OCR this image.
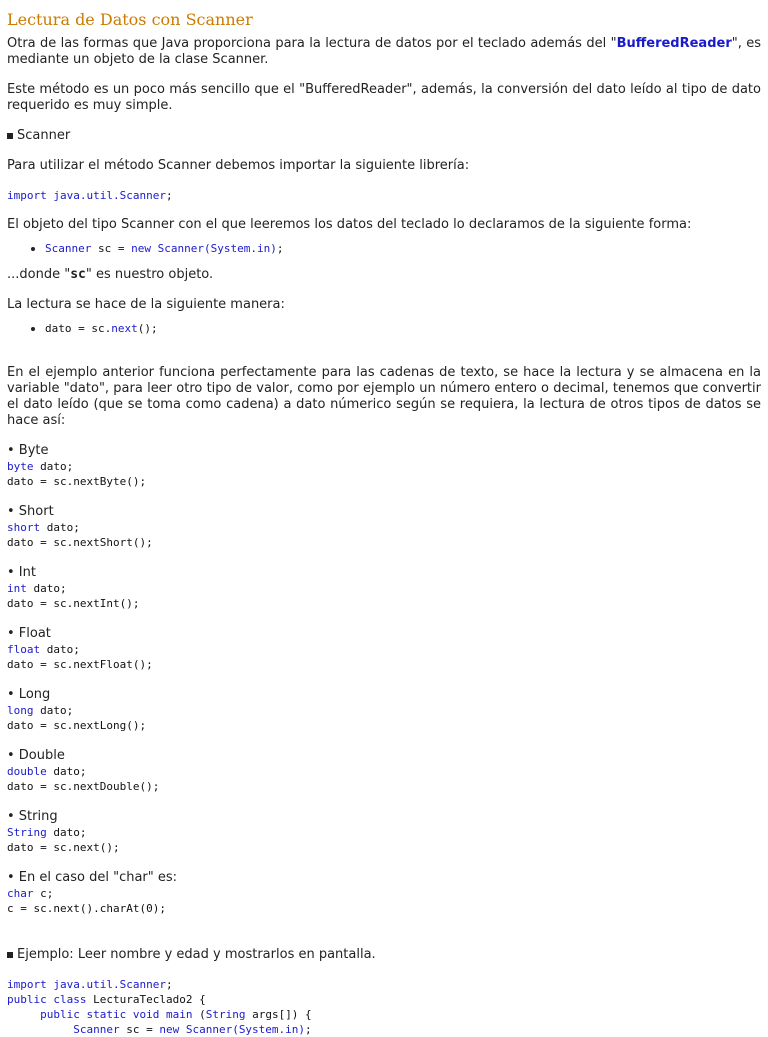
Lectura de Datos con Scanner

Otra de las formas que Java proporciona para la lectura de datos por el teclado además del "BufferedReader", es mediante un objeto de la clase Scanner.

Este método es un poco más sencillo que el "BufferedReader", además, la conversión del dato leído al tipo de dato requerido es muy simple.

Scanner

Para utilizar el método Scanner debemos importar la siguiente librería:

import java.util.Scanner;

El objeto del tipo Scanner con el que leeremos los datos del teclado lo declaramos de la siguiente forma:

• Scanner sc = new Scanner(System.in);

...donde "sc" es nuestro objeto.

La lectura se hace de la siguiente manera:

• dato = sc.next();

En el ejemplo anterior funciona perfectamente para las cadenas de texto, se hace la lectura y se almacena en la variable "dato", para leer otro tipo de valor, como por ejemplo un número entero o decimal, tenemos que convertir el dato leído (que se toma como cadena) a dato númerico según se requiera, la lectura de otros tipos de datos se hace así:

• Byte

byte dato;
dato = sc.nextByte();

• Short

short dato;
dato = sc.nextShort();

• Int

int dato;
dato = sc.nextInt();

• Float

float dato;
dato = sc.nextFloat();

• Long

long dato;
dato = sc.nextLong();

• Double

double dato;
dato = sc.nextDouble();

• String

String dato;
dato = sc.next();

• En el caso del "char" es:

char c;
c = sc.next().charAt(0);

Ejemplo: Leer nombre y edad y mostrarlos en pantalla.

import java.util.Scanner;
public class LecturaTeclado2 {
public static void main (String args[]) {
Scanner sc = new Scanner(System.in);
